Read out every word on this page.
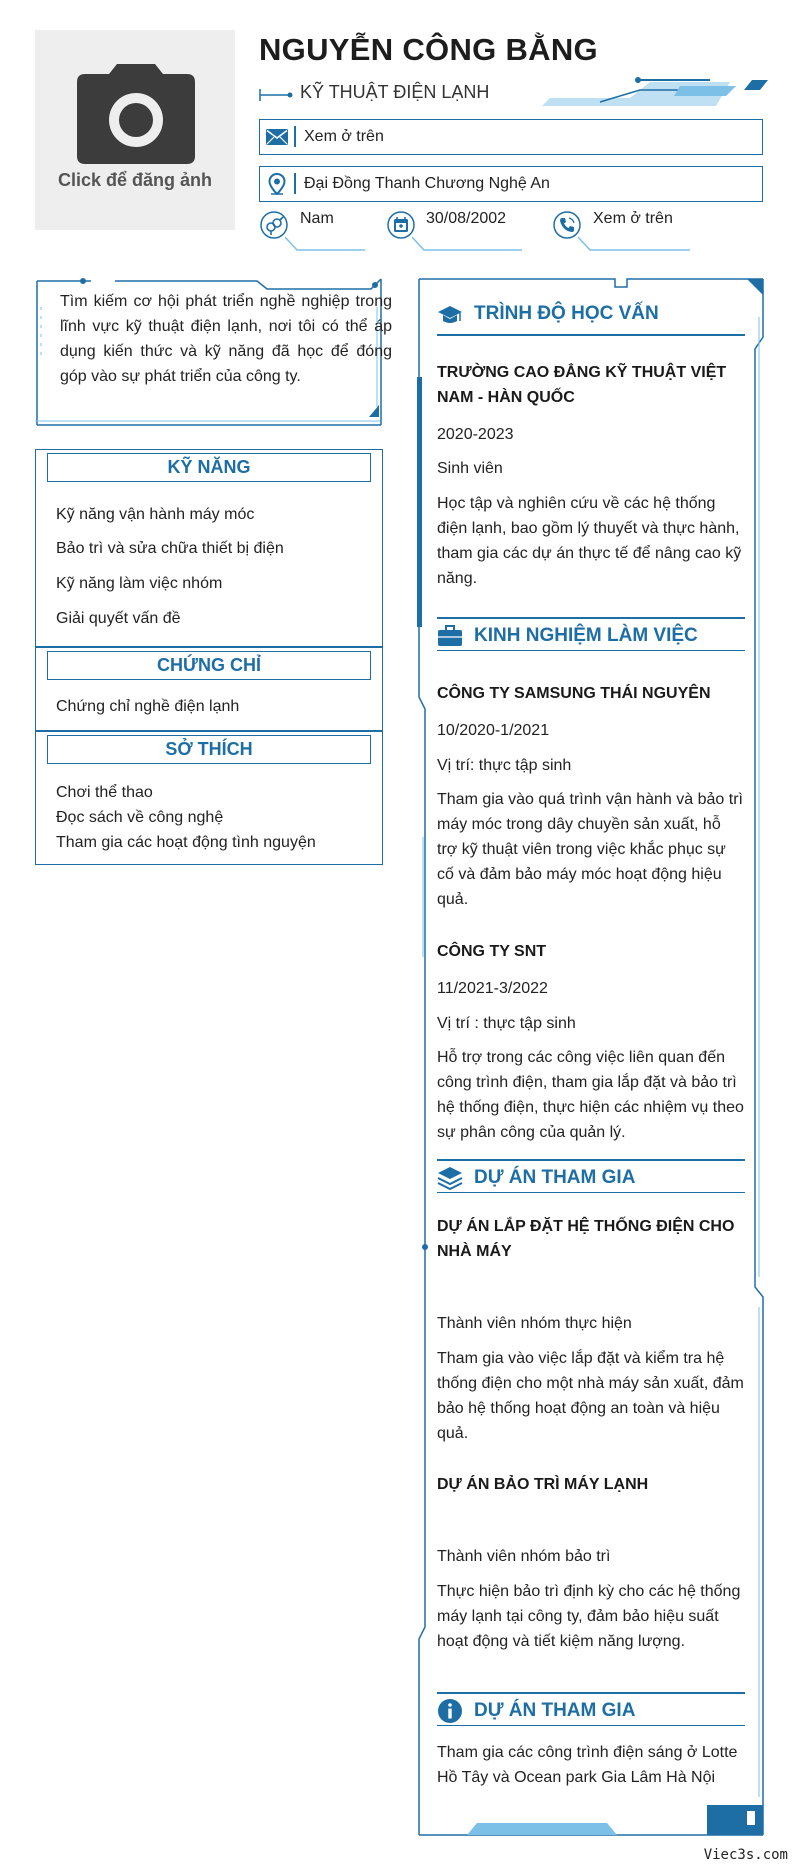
Click để đăng ảnh
NGUYỄN CÔNG BẰNG
KỸ THUẬT ĐIỆN LẠNH
Xem ở trên
Đại Đồng Thanh Chương Nghệ An
Nam	30/08/2002	Xem ở trên

Tìm kiếm cơ hội phát triển nghề nghiệp trong lĩnh vực kỹ thuật điện lạnh, nơi tôi có thể áp dụng kiến thức và kỹ năng đã học để đóng góp vào sự phát triển của công ty.

KỸ NĂNG
Kỹ năng vận hành máy móc
Bảo trì và sửa chữa thiết bị điện
Kỹ năng làm việc nhóm
Giải quyết vấn đề
CHỨNG CHỈ
Chứng chỉ nghề điện lạnh
SỞ THÍCH
Chơi thể thao
Đọc sách về công nghệ
Tham gia các hoạt động tình nguyện
TRÌNH ĐỘ HỌC VẤN
TRƯỜNG CAO ĐẲNG KỸ THUẬT VIỆT NAM - HÀN QUỐC
2020-2023
Sinh viên
Học tập và nghiên cứu về các hệ thống điện lạnh, bao gồm lý thuyết và thực hành, tham gia các dự án thực tế để nâng cao kỹ năng.
KINH NGHIỆM LÀM VIỆC
CÔNG TY SAMSUNG THÁI NGUYÊN
10/2020-1/2021
Vị trí: thực tập sinh
Tham gia vào quá trình vận hành và bảo trì máy móc trong dây chuyền sản xuất, hỗ trợ kỹ thuật viên trong việc khắc phục sự cố và đảm bảo máy móc hoạt động hiệu quả.
CÔNG TY SNT
11/2021-3/2022
Vị trí : thực tập sinh
Hỗ trợ trong các công việc liên quan đến công trình điện, tham gia lắp đặt và bảo trì hệ thống điện, thực hiện các nhiệm vụ theo sự phân công của quản lý.
DỰ ÁN THAM GIA
DỰ ÁN LẮP ĐẶT HỆ THỐNG ĐIỆN CHO NHÀ MÁY
Thành viên nhóm thực hiện
Tham gia vào việc lắp đặt và kiểm tra hệ thống điện cho một nhà máy sản xuất, đảm bảo hệ thống hoạt động an toàn và hiệu quả.
DỰ ÁN BẢO TRÌ MÁY LẠNH
Thành viên nhóm bảo trì
Thực hiện bảo trì định kỳ cho các hệ thống máy lạnh tại công ty, đảm bảo hiệu suất hoạt động và tiết kiệm năng lượng.
DỰ ÁN THAM GIA
Tham gia các công trình điện sáng ở Lotte Hồ Tây và Ocean park Gia Lâm Hà Nội
Viec3s.com
